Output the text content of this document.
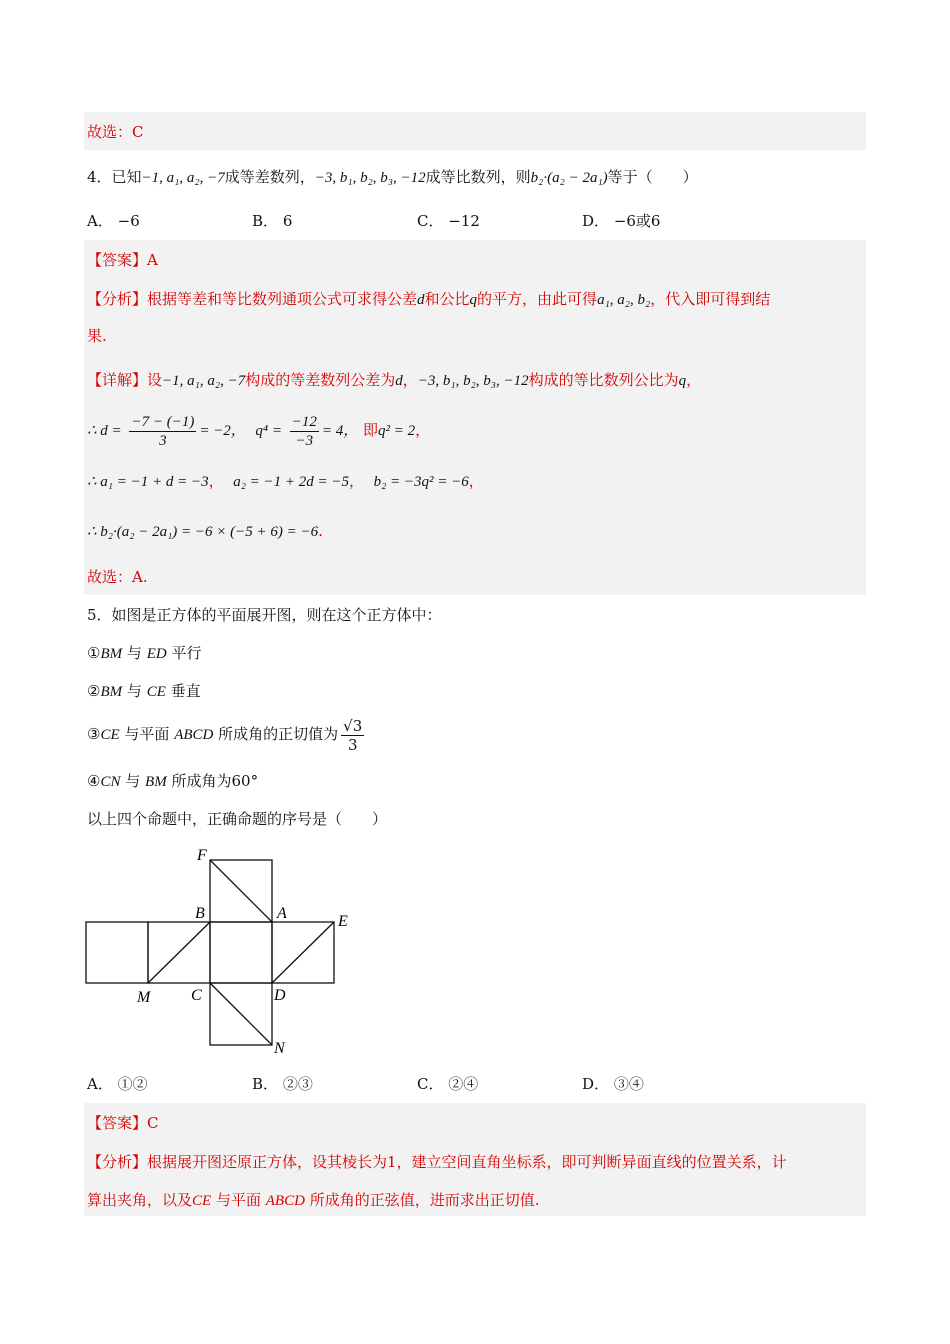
故选：C
4．已知−1, a₁, a₂, −7成等差数列，−3, b₁, b₂, b₃, −12成等比数列，则b₂·(a₂ − 2a₁)等于（　　）
A． −6	B． 6	C． −12	D． −6或6
【答案】A
【分析】根据等差和等比数列通项公式可求得公差d和公比q的平方，由此可得a₁, a₂, b₂，代入即可得到结
果.
【详解】设−1, a₁, a₂, −7构成的等差数列公差为d，−3, b₁, b₂, b₃, −12构成的等比数列公比为q，
∴ $d = \frac{-7 - (-1)}{3} = -2$， $q^4 = \frac{-12}{-3} = 4$， 即q² = 2，
∴ a₁ = −1 + d = −3， a₂ = −1 + 2d = −5， b₂ = −3q² = −6，
∴ b₂·(a₂ − 2a₁) = −6 × (−5 + 6) = −6.
故选：A.
5．如图是正方体的平面展开图，则在这个正方体中：
①BM 与 ED 平行
②BM 与 CE 垂直
③CE 与平面 ABCD 所成角的正切值为 $\frac{√3}{3}$
④CN 与 BM 所成角为60°
以上四个命题中，正确命题的序号是（　　）
F
B	A	E
M	C	D
N
A． ①②	B． ②③	C． ②④	D． ③④
【答案】C
【分析】根据展开图还原正方体，设其棱长为1，建立空间直角坐标系，即可判断异面直线的位置关系，计
算出夹角，以及CE 与平面 ABCD 所成角的正弦值，进而求出正切值.
